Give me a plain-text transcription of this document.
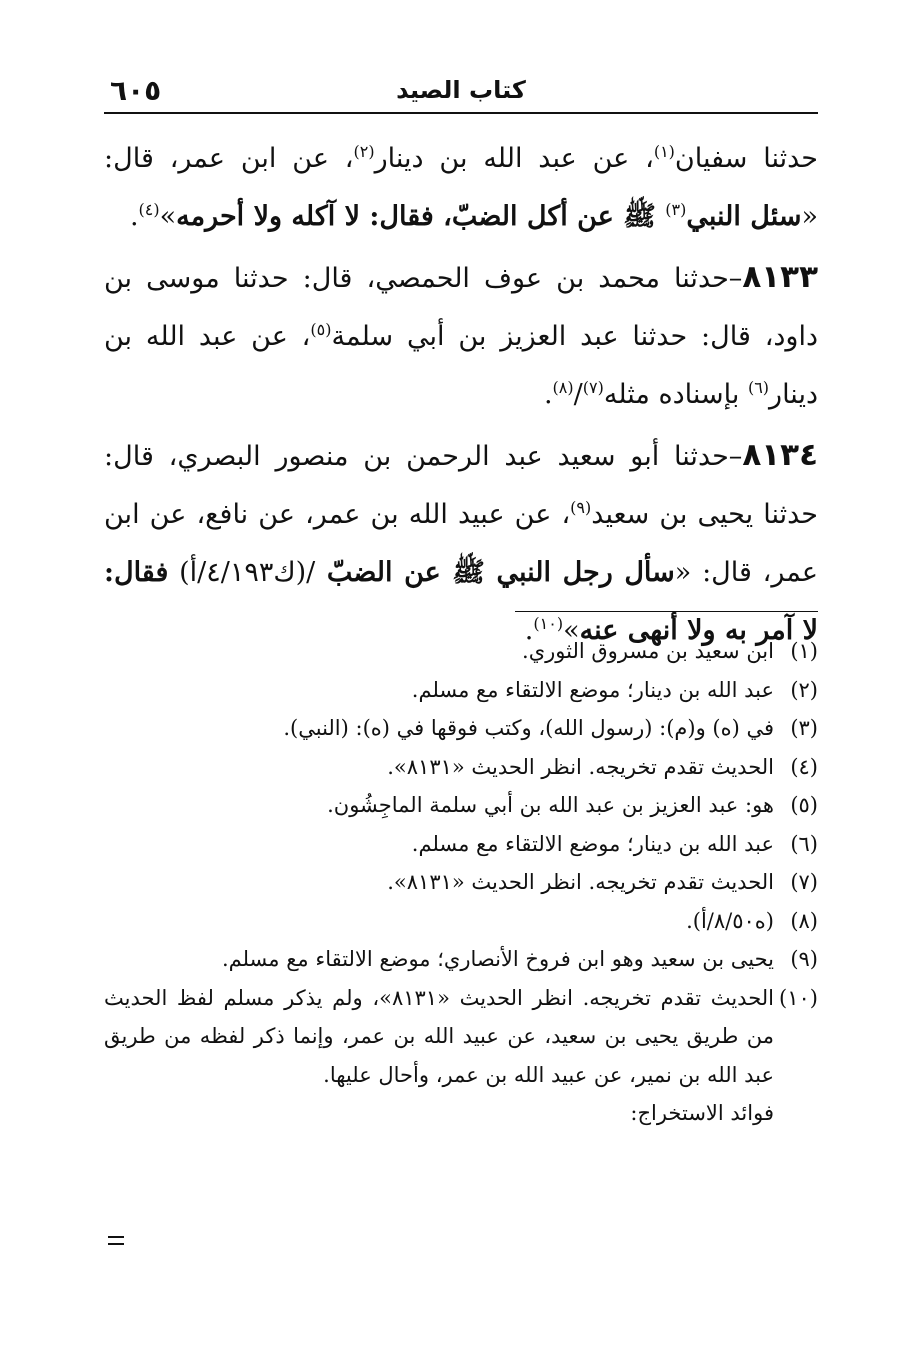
كتاب الصيد
٦٠٥

حدثنا سفيان$^{(١)}$، عن عبد الله بن دينار$^{(٢)}$، عن ابن عمر، قال: «سئل النبي$^{(٣)}$ ﷺ عن أكل الضبّ، فقال: لا آكله ولا أحرمه»$^{(٤)}$.

٨١٣٣–حدثنا محمد بن عوف الحمصي، قال: حدثنا موسى بن داود، قال: حدثنا عبد العزيز بن أبي سلمة$^{(٥)}$، عن عبد الله بن دينار$^{(٦)}$ بإسناده مثله$^{(٧)}$/$^{(٨)}$.

٨١٣٤–حدثنا أبو سعيد عبد الرحمن بن منصور البصري، قال: حدثنا يحيى بن سعيد$^{(٩)}$، عن عبيد الله بن عمر، عن نافع، عن ابن عمر، قال: «سأل رجل النبي ﷺ عن الضبّ /(ك٤/١٩٣/أ) فقال: لا آمر به ولا أنهى عنه»$^{(١٠)}$.

(١)ابن سعيد بن مسروق الثوري.

(٢)عبد الله بن دينار؛ موضع الالتقاء مع مسلم.

(٣)في (ه) و(م): (رسول الله)، وكتب فوقها في (ه): (النبي).

(٤)الحديث تقدم تخريجه. انظر الحديث «٨١٣١».

(٥)هو: عبد العزيز بن عبد الله بن أبي سلمة الماجِشُون.

(٦)عبد الله بن دينار؛ موضع الالتقاء مع مسلم.

(٧)الحديث تقدم تخريجه. انظر الحديث «٨١٣١».

(٨)(ه٨/٥٠/أ).

(٩)يحيى بن سعيد وهو ابن فروخ الأنصاري؛ موضع الالتقاء مع مسلم.

(١٠)الحديث تقدم تخريجه. انظر الحديث «٨١٣١»، ولم يذكر مسلم لفظ الحديث من طريق يحيى بن سعيد، عن عبيد الله بن عمر، وإنما ذكر لفظه من طريق عبد الله بن نمير، عن عبيد الله بن عمر، وأحال عليها.

فوائد الاستخراج:
